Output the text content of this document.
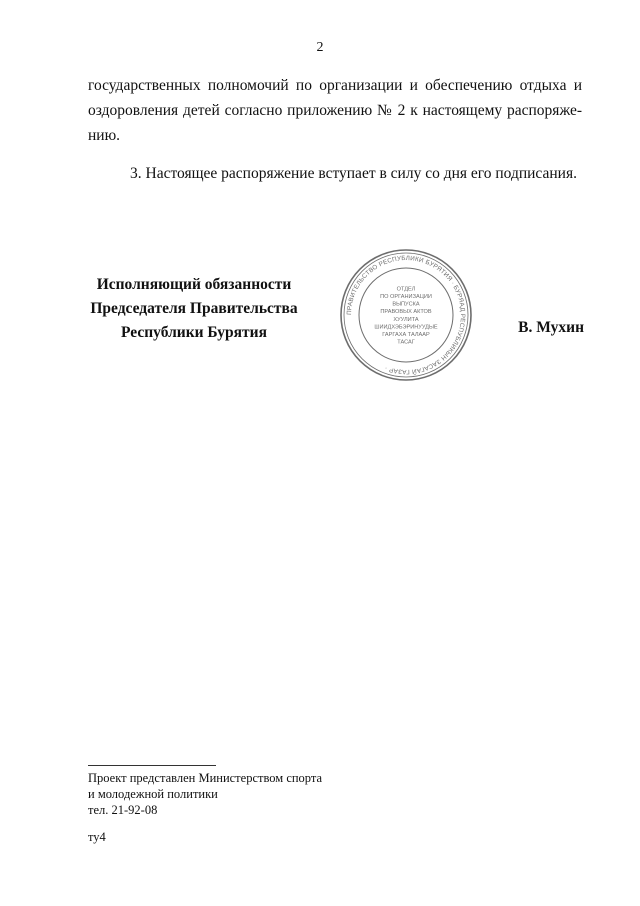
2

государственных полномочий по организации и обеспечению отдыха и оздоровления детей согласно приложению № 2 к настоящему распоряже-нию.

3. Настоящее распоряжение вступает в силу со дня его подписания.

Исполняющий обязанности
Председателя Правительства
Республики Бурятия
ПРАВИТЕЛЬСТВО РЕСПУБЛИКИ БУРЯТИЯ · БУРЯАД РЕСПУБЛИКЫН ЗАСАГАЙ ГАЗАР ·
ОТДЕЛ
ПО ОРГАНИЗАЦИИ
ВЫПУСКА
ПРАВОВЫХ АКТОВ
ХУУЛИТА
ШИИДХЭБЭРИНУУДЫЕ
ГАРГАХА ТАЛААР
ТАСАГ
В. Мухин
Проект представлен Министерством спорта
и молодежной политики
тел. 21-92-08
ту4
